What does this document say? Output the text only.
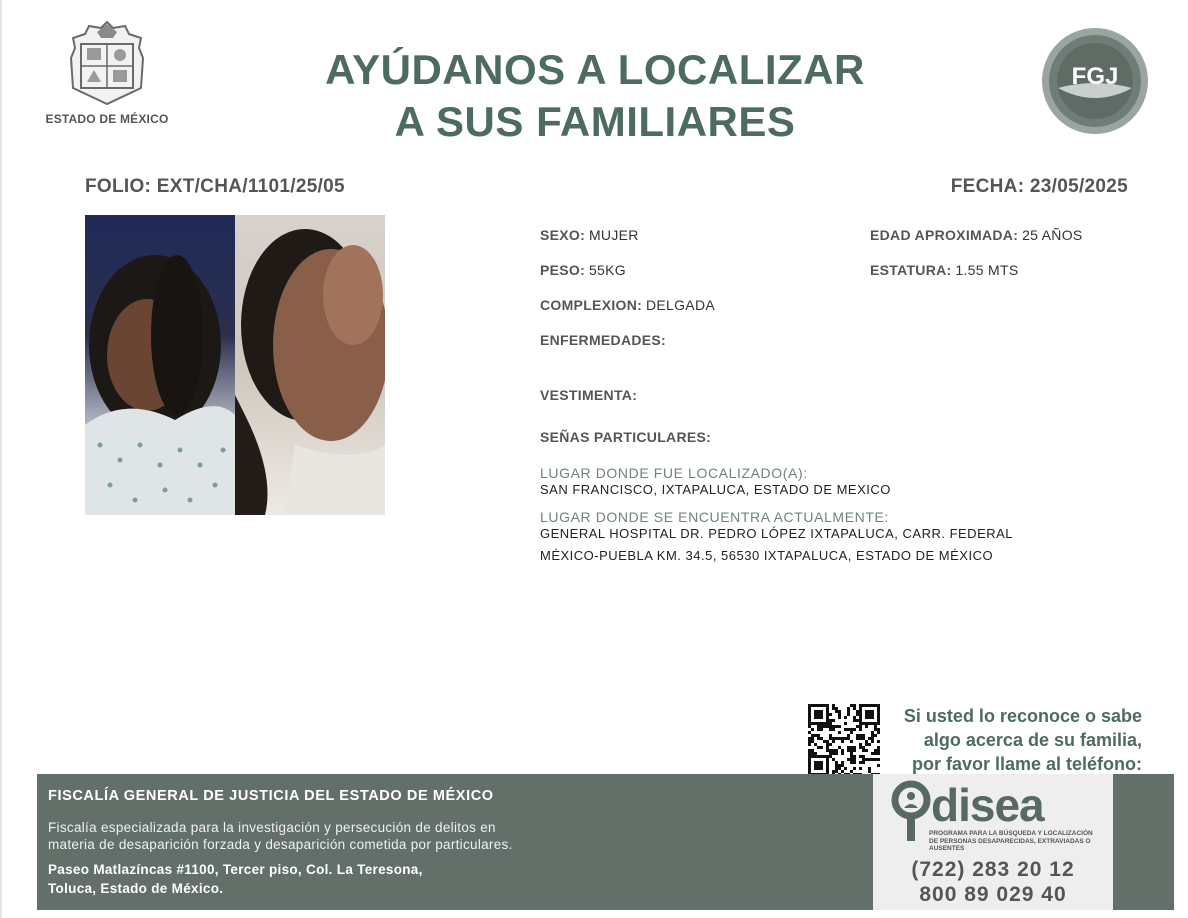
ESTADO DE MÉXICO
AYÚDANOS A LOCALIZAR
A SUS FAMILIARES
FGJ
FOLIO: EXT/CHA/1101/25/05	FECHA: 23/05/2025
SEXO: MUJER	EDAD APROXIMADA: 25 AÑOS
PESO: 55KG	ESTATURA: 1.55 MTS
COMPLEXION: DELGADA
ENFERMEDADES:
VESTIMENTA:
SEÑAS PARTICULARES:
LUGAR DONDE FUE LOCALIZADO(A):
SAN FRANCISCO, IXTAPALUCA, ESTADO DE MEXICO
LUGAR DONDE SE ENCUENTRA ACTUALMENTE:
GENERAL HOSPITAL DR. PEDRO LÓPEZ IXTAPALUCA, CARR. FEDERAL
MÉXICO-PUEBLA KM. 34.5, 56530 IXTAPALUCA, ESTADO DE MÉXICO
Si usted lo reconoce o sabe
algo acerca de su familia,
por favor llame al teléfono:
FISCALÍA GENERAL DE JUSTICIA DEL ESTADO DE MÉXICO
Fiscalía especializada para la investigación y persecución de delitos en
materia de desaparición forzada y desaparición cometida por particulares.
Paseo Matlazíncas #1100, Tercer piso, Col. La Teresona,
Toluca, Estado de México.
disea
PROGRAMA PARA LA BÚSQUEDA Y LOCALIZACIÓN
DE PERSONAS DESAPARECIDAS, EXTRAVIADAS O
AUSENTES
(722) 283 20 12
800 89 029 40
